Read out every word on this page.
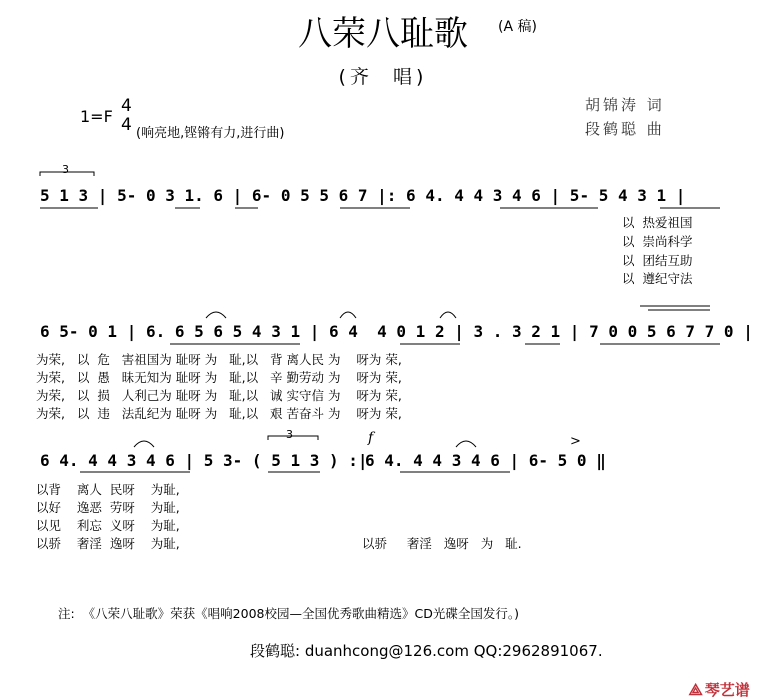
八荣八耻歌	(A 稿)
(齐  唱)
1=F
4
4 (响亮地,铿锵有力,进行曲)
胡锦涛 词
段鹤聪 曲
5 1 3 | 5- 0 3 1. 6 | 6- 0 5 5 6 7 |: 6 4. 4 4 3 4 6 | 5- 5 4 3 1 |
3
以  热爱祖国
以  崇尚科学
以  团结互助
以  遵纪守法
6 5- 0 1 | 6. 6 5 6 5 4 3 1 | 6 4  4 0 1 2 | 3 . 3 2 1 | 7 0 0 5 6 7 7 0 |
为荣,   以  危   害祖国为 耻呀 为   耻,以   背 离人民 为    呀为 荣,
为荣,   以  愚   昧无知为 耻呀 为   耻,以   辛 勤劳动 为    呀为 荣,
为荣,   以  损   人利己为 耻呀 为   耻,以   诚 实守信 为    呀为 荣,
为荣,   以  违   法乱纪为 耻呀 为   耻,以   艰 苦奋斗 为    呀为 荣,
6 4. 4 4 3 4 6 | 5 3- ( 5 1 3 ) :|
6 4. 4 4 3 4 6 | 6- 5 0 ‖
3	f	>
以背    离人  民呀    为耻,
以好    逸恶  劳呀    为耻,
以见    利忘  义呀    为耻,
以骄    奢淫  逸呀    为耻,	以骄     奢淫   逸呀   为   耻.
注:  《八荣八耻歌》荣获《唱响2008校园—全国优秀歌曲精选》CD光碟全国发行。)
段鹤聪: duanhcong@126.com QQ:2962891067.

⟁ 琴艺谱
